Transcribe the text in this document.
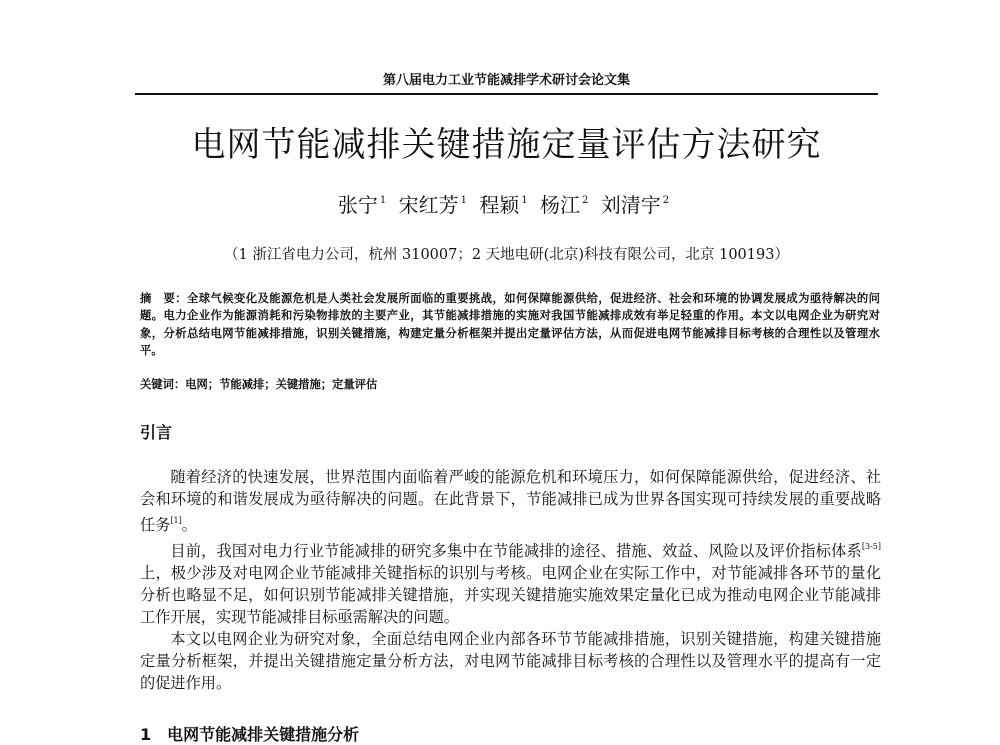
第八届电力工业节能减排学术研讨会论文集
电网节能减排关键措施定量评估方法研究
张宁 $^1$ 宋红芳 $^1$ 程颖 $^1$ 杨江 $^2$ 刘清宇 $^2$
（1 浙江省电力公司，杭州 310007；2 天地电研(北京)科技有限公司，北京 100193）
摘　要：全球气候变化及能源危机是人类社会发展所面临的重要挑战，如何保障能源供给，促进经济、社会和环境的协调发展成为亟待解决的问题。电力企业作为能源消耗和污染物排放的主要产业，其节能减排措施的实施对我国节能减排成效有举足轻重的作用。本文以电网企业为研究对象，分析总结电网节能减排措施，识别关键措施，构建定量分析框架并提出定量评估方法，从而促进电网节能减排目标考核的合理性以及管理水平。
关键词：电网；节能减排；关键措施；定量评估
引言

随着经济的快速发展，世界范围内面临着严峻的能源危机和环境压力，如何保障能源供给，促进经济、社会和环境的和谐发展成为亟待解决的问题。在此背景下，节能减排已成为世界各国实现可持续发展的重要战略任务[1]。

目前，我国对电力行业节能减排的研究多集中在节能减排的途径、措施、效益、风险以及评价指标体系[3-5]上，极少涉及对电网企业节能减排关键指标的识别与考核。电网企业在实际工作中，对节能减排各环节的量化分析也略显不足，如何识别节能减排关键措施，并实现关键措施实施效果定量化已成为推动电网企业节能减排工作开展，实现节能减排目标亟需解决的问题。

本文以电网企业为研究对象，全面总结电网企业内部各环节节能减排措施，识别关键措施，构建关键措施定量分析框架，并提出关键措施定量分析方法，对电网节能减排目标考核的合理性以及管理水平的提高有一定的促进作用。

1　电网节能减排关键措施分析
